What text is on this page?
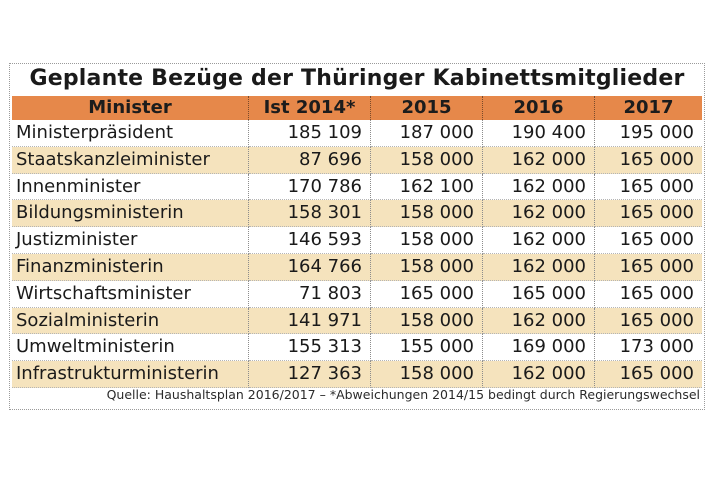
Geplante Bezüge der Thüringer Kabinettsmitglieder
Minister	Ist 2014*	2015	2016	2017
Ministerpräsident	185 109	187 000	190 400	195 000
Staatskanzleiminister	87 696	158 000	162 000	165 000
Innenminister	170 786	162 100	162 000	165 000
Bildungsministerin	158 301	158 000	162 000	165 000
Justizminister	146 593	158 000	162 000	165 000
Finanzministerin	164 766	158 000	162 000	165 000
Wirtschaftsminister	71 803	165 000	165 000	165 000
Sozialministerin	141 971	158 000	162 000	165 000
Umweltministerin	155 313	155 000	169 000	173 000
Infrastrukturministerin	127 363	158 000	162 000	165 000
Quelle: Haushaltsplan 2016/2017 – *Abweichungen 2014/15 bedingt durch Regierungswechsel
